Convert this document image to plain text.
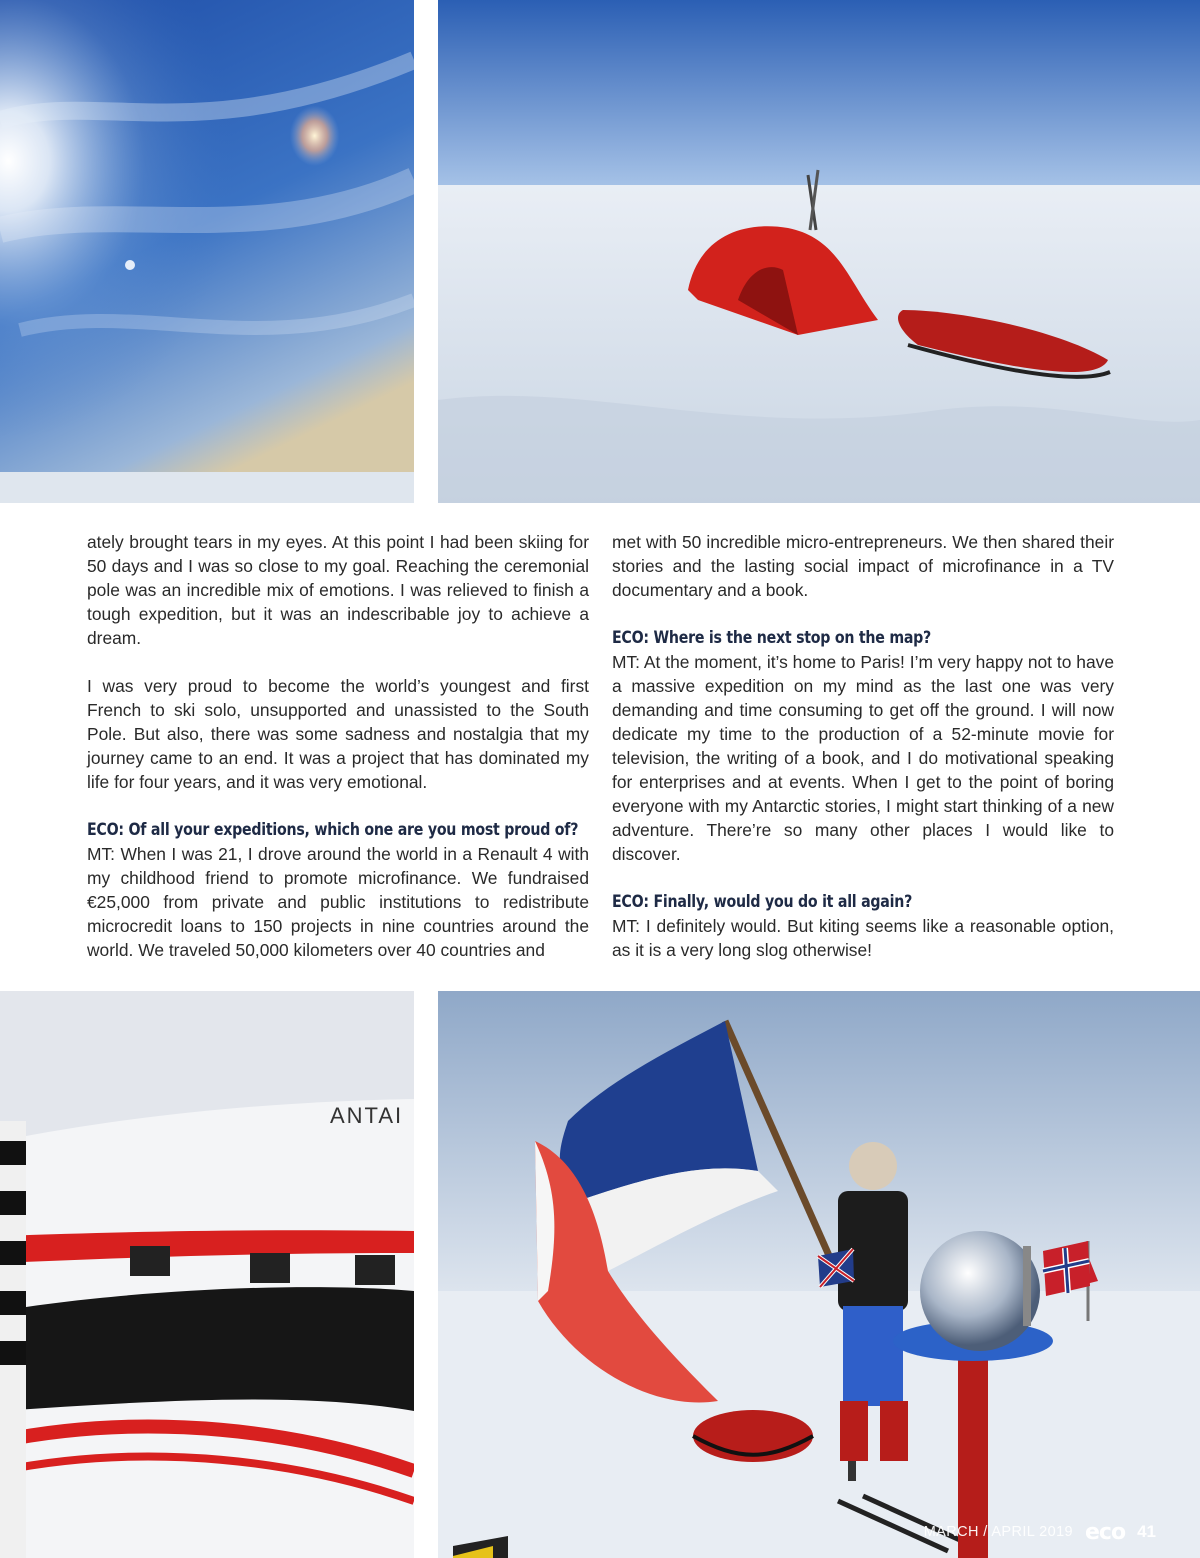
ately brought tears in my eyes. At this point I had been skiing for 50 days and I was so close to my goal. Reaching the ceremonial pole was an incredible mix of emotions. I was relieved to finish a tough expedition, but it was an indescribable joy to achieve a dream.

I was very proud to become the world’s youngest and first French to ski solo, unsupported and unassisted to the South Pole. But also, there was some sadness and nostalgia that my journey came to an end. It was a project that has dominated my life for four years, and it was very emotional.

ECO: Of all your expeditions, which one are you most proud of?

MT: When I was 21, I drove around the world in a Renault 4 with my childhood friend to promote microfinance. We fundraised €25,000 from private and public institutions to redistribute microcredit loans to 150 projects in nine countries around the world. We traveled 50,000 kilometers over 40 countries and

met with 50 incredible micro-entrepreneurs. We then shared their stories and the lasting social impact of microfinance in a TV documentary and a book.

ECO: Where is the next stop on the map?

MT: At the moment, it’s home to Paris! I’m very happy not to have a massive expedition on my mind as the last one was very demanding and time consuming to get off the ground. I will now dedicate my time to the production of a 52-minute movie for television, the writing of a book, and I do motivational speaking for enterprises and at events. When I get to the point of boring everyone with my Antarctic stories, I might start thinking of a new adventure. There’re so many other places I would like to discover.

ECO: Finally, would you do it all again?

MT: I definitely would. But kiting seems like a reasonable option, as it is a very long slog otherwise!

ANTAI
MARCH / APRIL 2019 eco 41
